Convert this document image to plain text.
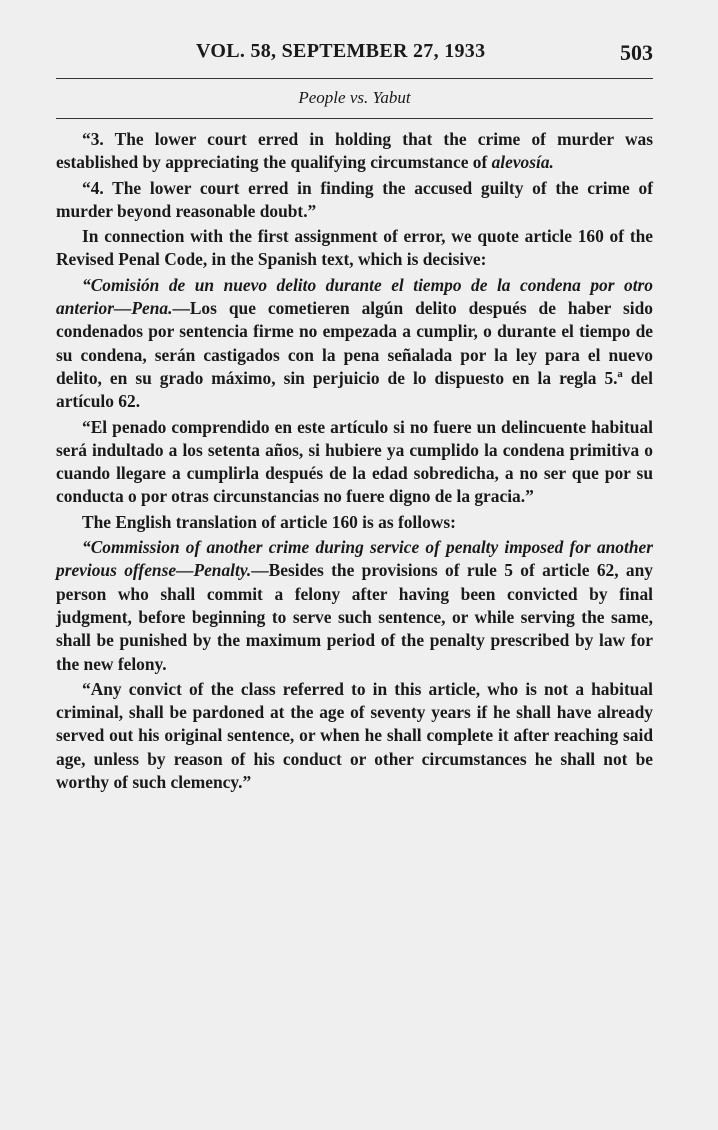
VOL. 58, SEPTEMBER 27, 1933	503
People vs. Yabut

“3. The lower court erred in holding that the crime of murder was established by appreciating the qualifying circumstance of alevosía.

“4. The lower court erred in finding the accused guilty of the crime of murder beyond reasonable doubt.”

In connection with the first assignment of error, we quote article 160 of the Revised Penal Code, in the Spanish text, which is decisive:

“Comisión de un nuevo delito durante el tiempo de la condena por otro anterior—Pena.—Los que cometieren algún delito después de haber sido condenados por sentencia firme no empezada a cumplir, o durante el tiempo de su condena, serán castigados con la pena señalada por la ley para el nuevo delito, en su grado máximo, sin perjuicio de lo dispuesto en la regla 5.ª del artículo 62.

“El penado comprendido en este artículo si no fuere un delincuente habitual será indultado a los setenta años, si hubiere ya cumplido la condena primitiva o cuando llegare a cumplirla después de la edad sobredicha, a no ser que por su conducta o por otras circunstancias no fuere digno de la gracia.”

The English translation of article 160 is as follows:

“Commission of another crime during service of penalty imposed for another previous offense—Penalty.—Besides the provisions of rule 5 of article 62, any person who shall commit a felony after having been convicted by final judgment, before beginning to serve such sentence, or while serving the same, shall be punished by the maximum period of the penalty prescribed by law for the new felony.

“Any convict of the class referred to in this article, who is not a habitual criminal, shall be pardoned at the age of seventy years if he shall have already served out his original sentence, or when he shall complete it after reaching said age, unless by reason of his conduct or other circumstances he shall not be worthy of such clemency.”
